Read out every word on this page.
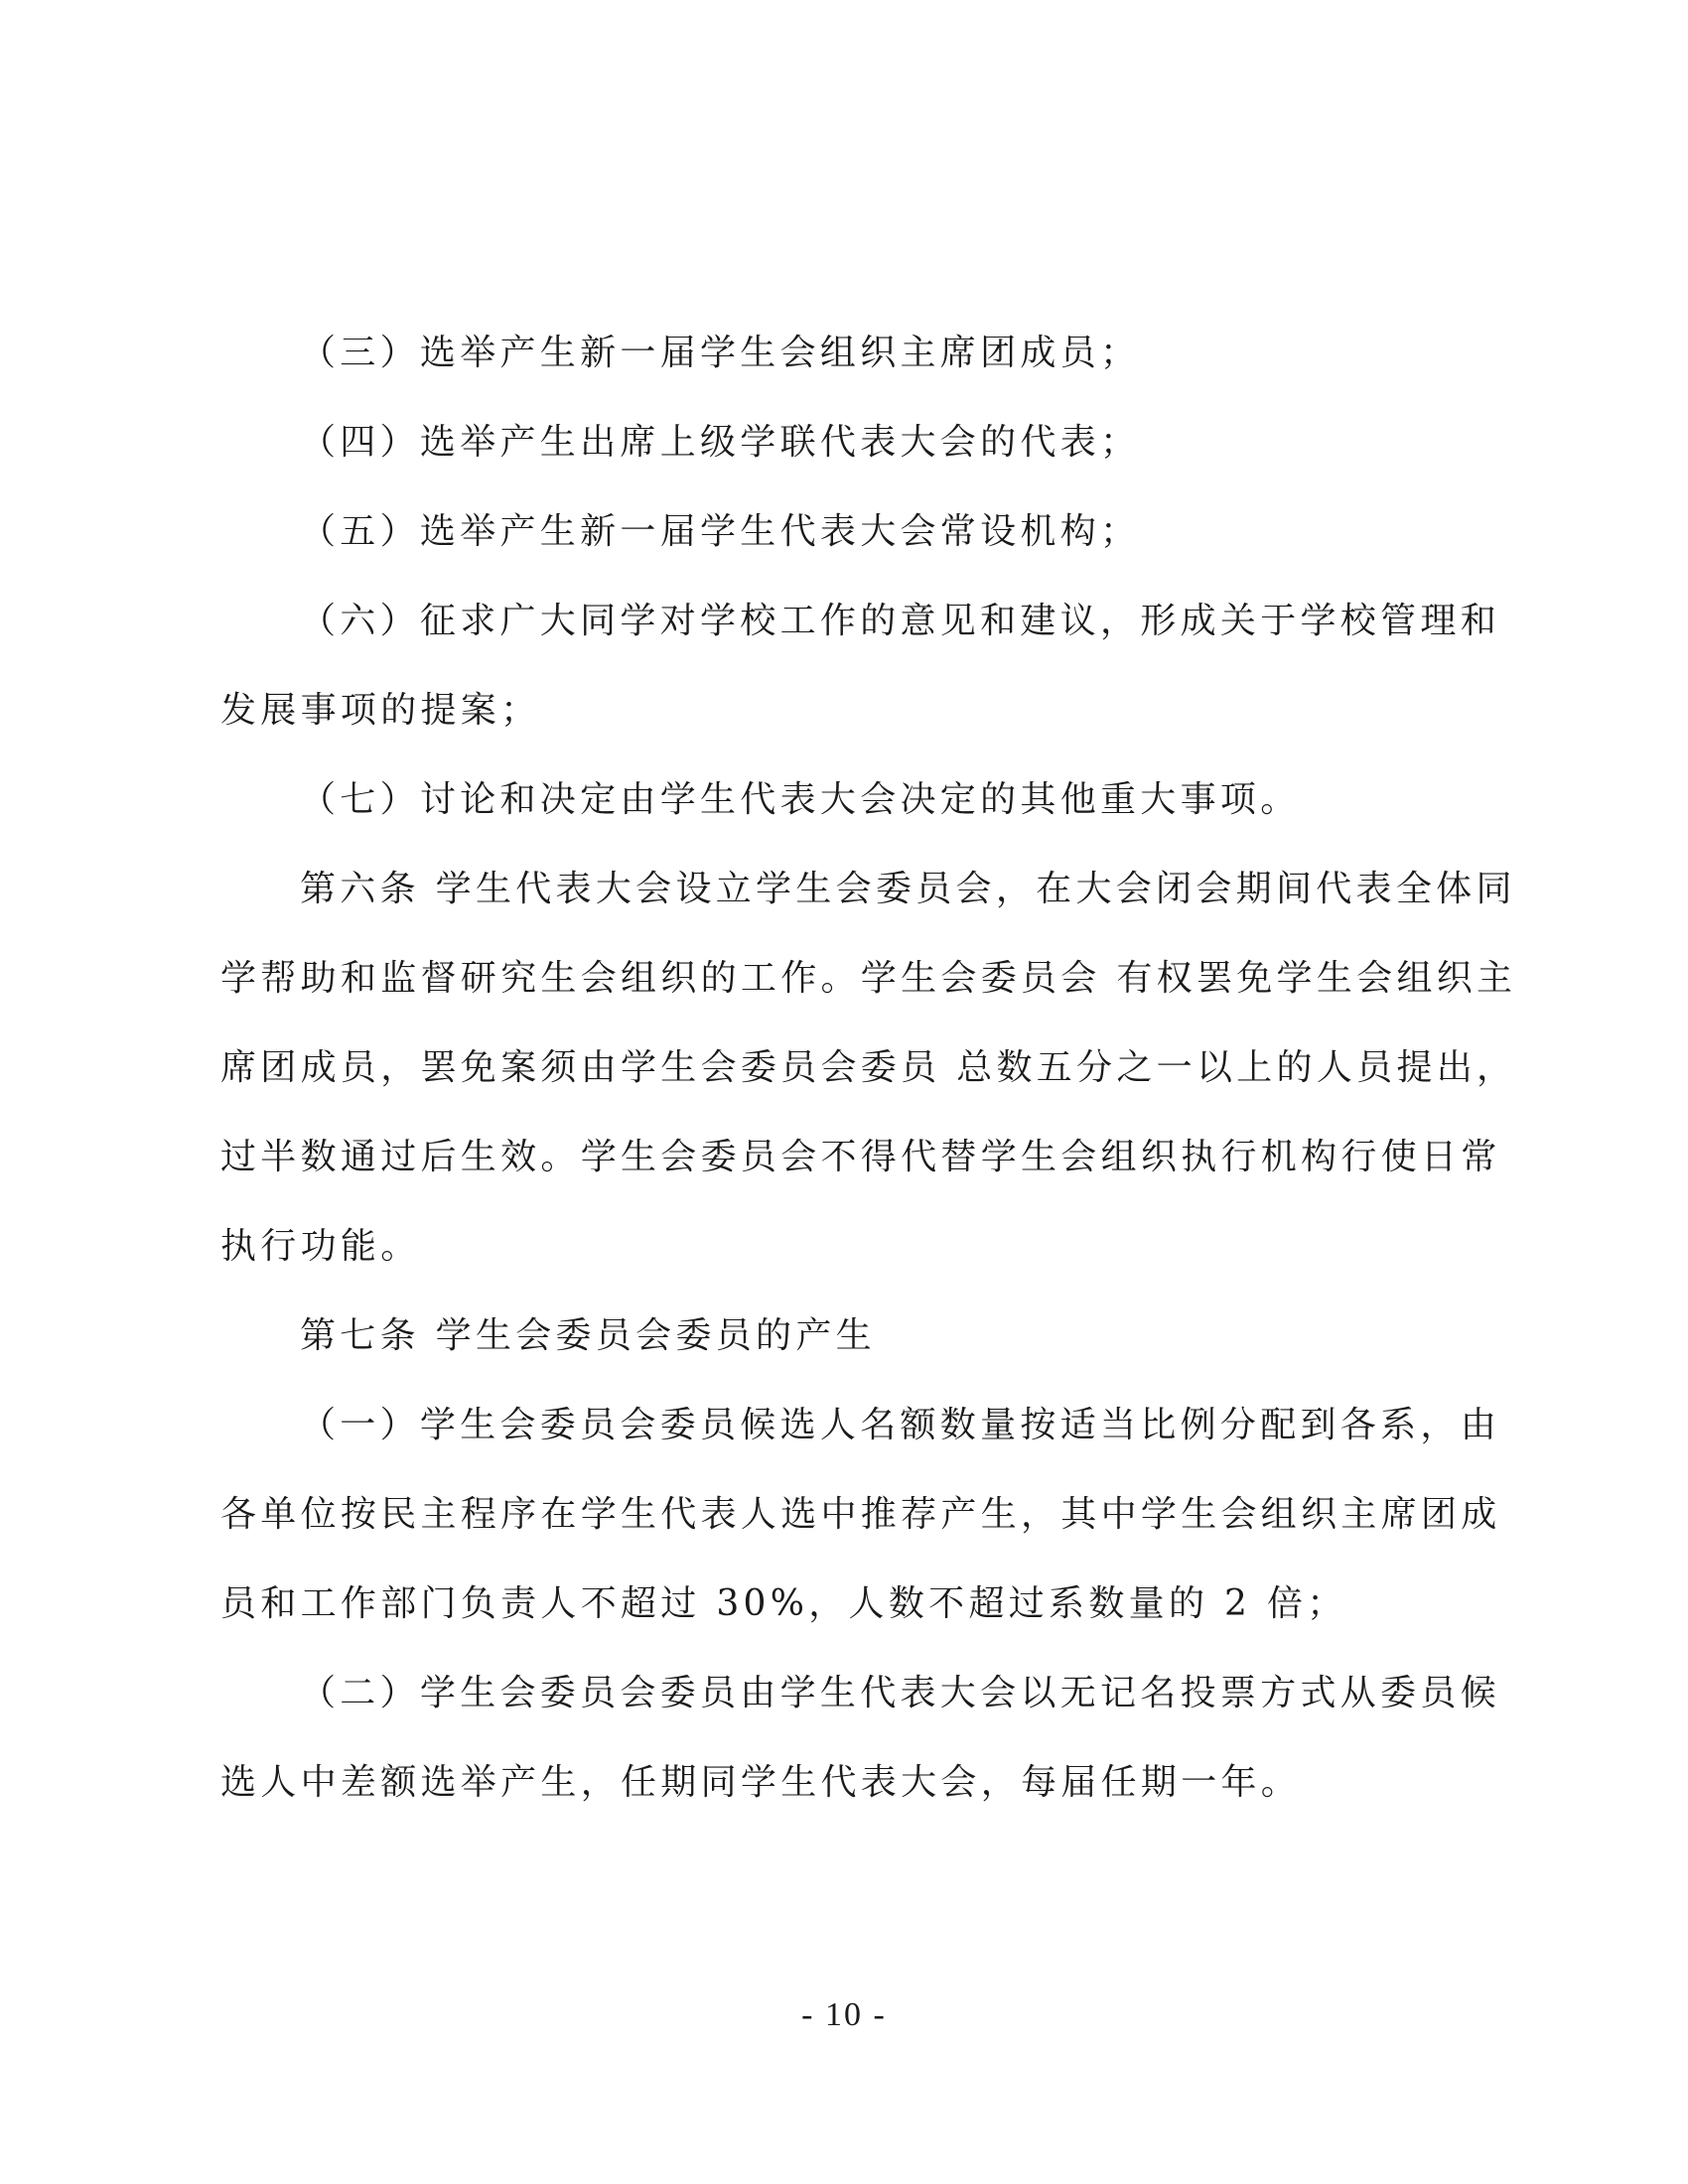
（三）选举产生新一届学生会组织主席团成员；
（四）选举产生出席上级学联代表大会的代表；
（五）选举产生新一届学生代表大会常设机构；
（六）征求广大同学对学校工作的意见和建议，形成关于学校管理和
发展事项的提案；
（七）讨论和决定由学生代表大会决定的其他重大事项。
第六条 学生代表大会设立学生会委员会，在大会闭会期间代表全体同
学帮助和监督研究生会组织的工作。学生会委员会 有权罢免学生会组织主
席团成员，罢免案须由学生会委员会委员 总数五分之一以上的人员提出，
过半数通过后生效。学生会委员会不得代替学生会组织执行机构行使日常
执行功能。
第七条 学生会委员会委员的产生
（一）学生会委员会委员候选人名额数量按适当比例分配到各系，由
各单位按民主程序在学生代表人选中推荐产生，其中学生会组织主席团成
员和工作部门负责人不超过 30%，人数不超过系数量的 2 倍；
（二）学生会委员会委员由学生代表大会以无记名投票方式从委员候
选人中差额选举产生，任期同学生代表大会，每届任期一年。
- 10 -
